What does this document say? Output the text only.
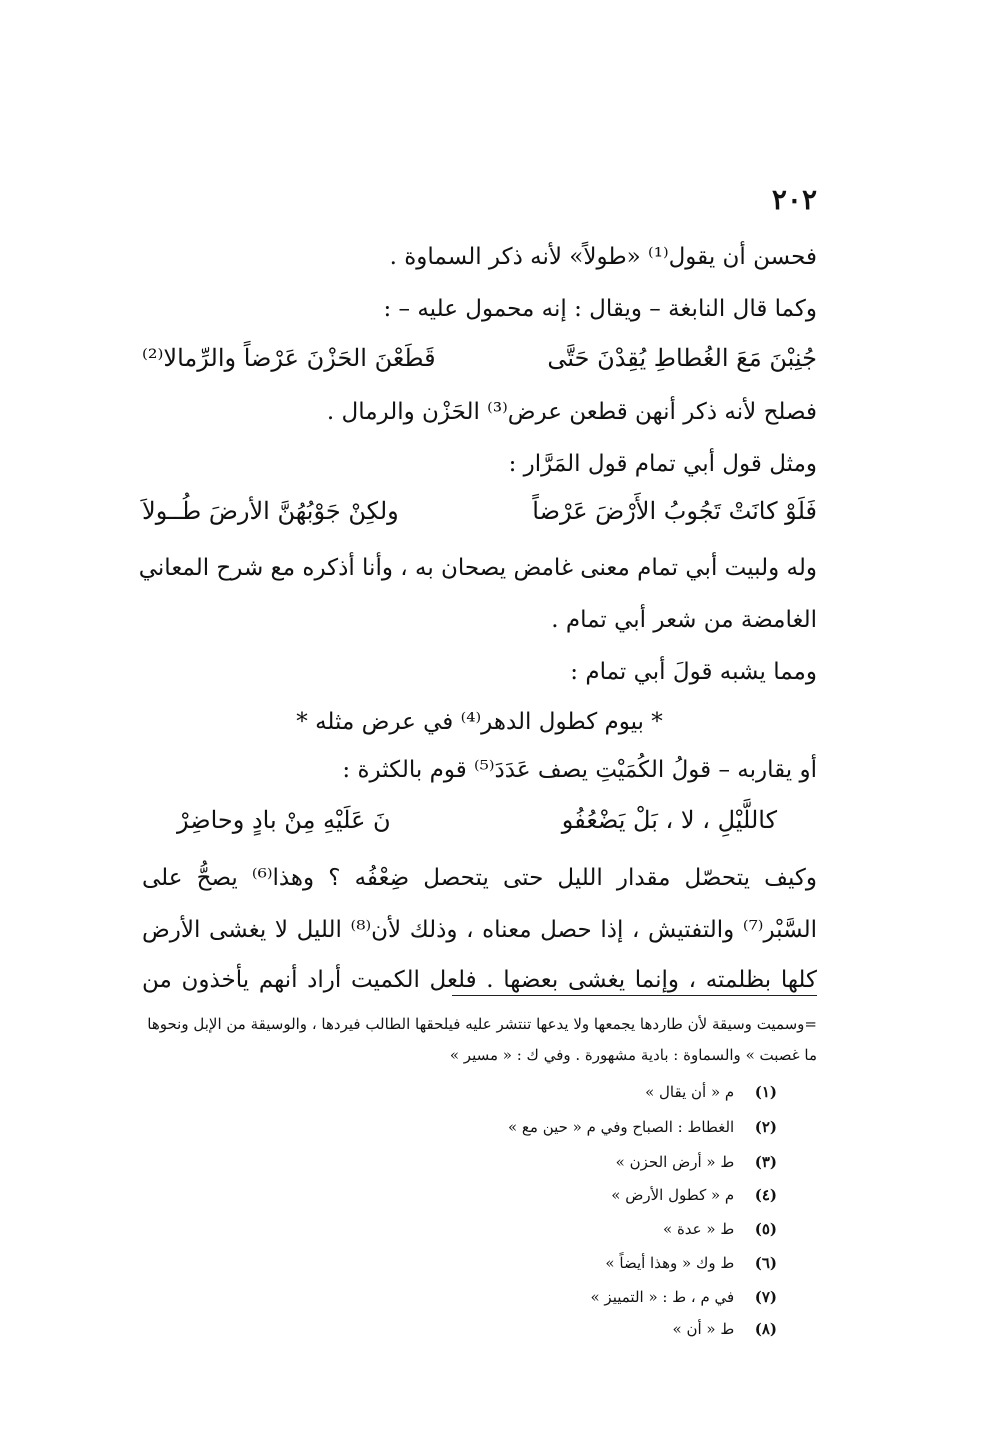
٢٠٢
فحسن أن يقول⁽¹⁾ «طولاً» لأنه ذكر السماوة .
وكما قال النابغة – ويقال : إنه محمول عليه – :
جُنِبْنَ مَعَ الغُطاطِ يُقِدْنَ حَتَّى
قَطَعْنَ الحَزْنَ عَرْضاً والرِّمالا⁽²⁾
فصلح لأنه ذكر أنهن قطعن عرض⁽³⁾ الحَزْن والرمال .
ومثل قول أبي تمام قول المَرَّار :
فَلَوْ كانَتْ تَجُوبُ الأَرْضَ عَرْضاً
ولكِنْ جَوْبُهُنَّ الأرضَ طُــولاَ
وله ولبيت أبي تمام معنى غامض يصحان به ، وأنا أذكره مع شرح المعاني
الغامضة من شعر أبي تمام .
ومما يشبه قولَ أبي تمام :
* بيوم كطول الدهر⁽⁴⁾ في عرض مثله *
أو يقاربه – قولُ الكُمَيْتِ يصف عَدَدَ⁽⁵⁾ قوم بالكثرة :
كاللَّيْلِ ، لا ، بَلْ يَضْعُفُو
نَ عَلَيْهِ مِنْ بادٍ وحاضِرْ
وكيف يتحصّل مقدار الليل حتى يتحصل ضِعْفُه ؟ وهذا⁽⁶⁾ يصحُّ على
السَّبْر⁽⁷⁾ والتفتيش ، إذا حصل معناه ، وذلك لأن⁽⁸⁾ الليل لا يغشى الأرض
كلها بظلمته ، وإنما يغشى بعضها . فلعل الكميت أراد أنهم يأخذون من
=وسميت وسيقة لأن طاردها يجمعها ولا يدعها تنتشر عليه فيلحقها الطالب فيردها ، والوسيقة من الإبل ونحوها
ما غصبت » والسماوة : بادية مشهورة . وفي ك : « مسير »
(١) م « أن يقال »
(٢) الغطاط : الصباح وفي م « حين مع »
(٣) ط « أرض الحزن »
(٤) م « كطول الأرض »
(٥) ط « عدة »
(٦) ط وك « وهذا أيضاً »
(٧) في م ، ط : « التمييز »
(٨) ط « أن »
